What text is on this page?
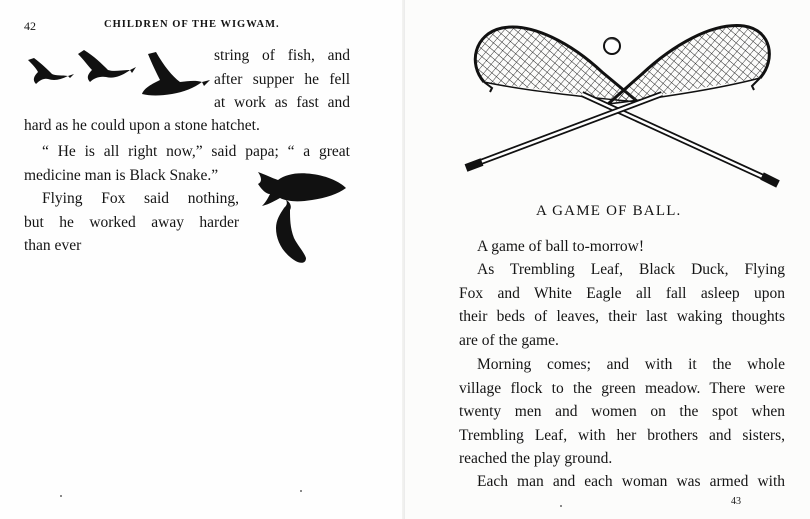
42	CHILDREN OF THE WIGWAM.
string of fish, and
after supper he fell
at work as fast and
hard as he could upon a stone hatchet.
“ He is all right now,” said papa; “ a great
medicine man is Black Snake.”
Flying Fox said nothing,
but he worked away harder
than ever
A GAME OF BALL.
A game of ball to-morrow!
As Trembling Leaf, Black Duck, Flying
Fox and White Eagle all fall asleep upon
their beds of leaves, their last waking thoughts
are of the game.
Morning comes; and with it the whole
village flock to the green meadow. There were
twenty men and women on the spot when
Trembling Leaf, with her brothers and sisters,
reached the play ground.
Each man and each woman was armed with
43
